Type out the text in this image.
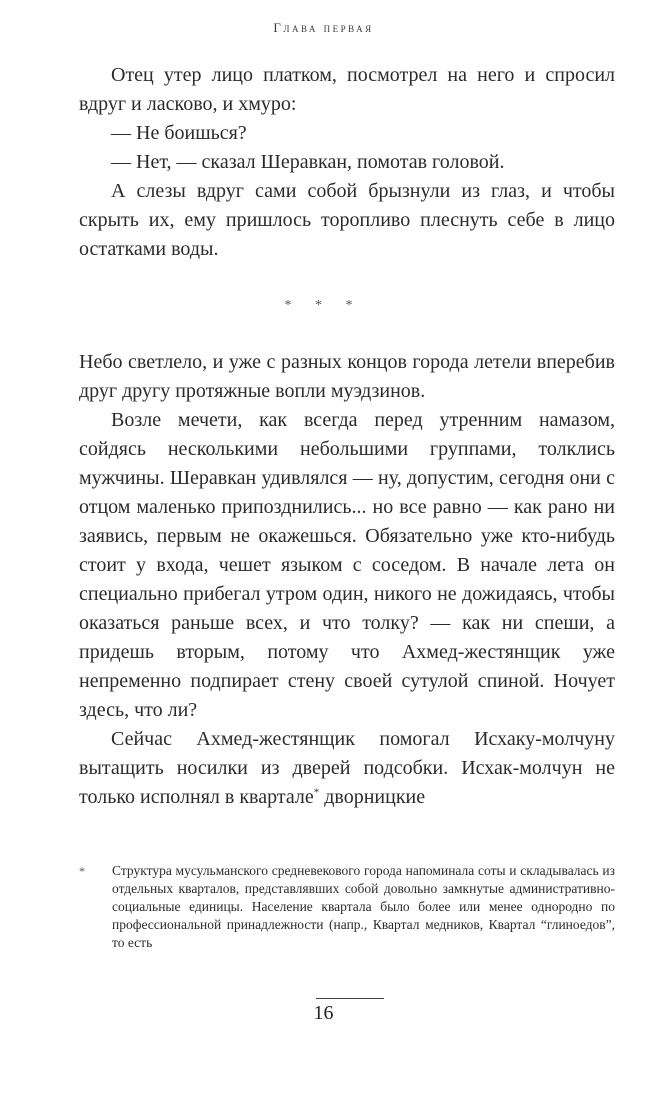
Глава первая

Отец утер лицо платком, посмотрел на него и спросил вдруг и ласково, и хмуро:

— Не боишься?

— Нет, — сказал Шеравкан, помотав головой.

А слезы вдруг сами собой брызнули из глаз, и чтобы скрыть их, ему пришлось торопливо плеснуть себе в лицо остатками воды.

* * *

Небо светлело, и уже с разных концов города летели вперебив друг другу протяжные вопли муэдзинов.

Возле мечети, как всегда перед утренним намазом, сойдясь несколькими небольшими группами, толклись мужчины. Шеравкан удивлялся — ну, допустим, сегодня они с отцом маленько припозднились... но все равно — как рано ни заявись, первым не окажешься. Обязательно уже кто-нибудь стоит у входа, чешет языком с соседом. В начале лета он специально прибегал утром один, никого не дожидаясь, чтобы оказаться раньше всех, и что толку? — как ни спеши, а придешь вторым, потому что Ахмед-жестянщик уже непременно подпирает стену своей сутулой спиной. Ночует здесь, что ли?

Сейчас Ахмед-жестянщик помогал Исхаку-молчуну вытащить носилки из дверей подсобки. Исхак-молчун не только исполнял в квартале* дворницкие

* Структура мусульманского средневекового города напоминала соты и складывалась из отдельных кварталов, представлявших собой довольно замкнутые административно-социальные единицы. Население квартала было более или менее однородно по профессиональной принадлежности (напр., Квартал медников, Квартал “глиноедов”, то есть
16
